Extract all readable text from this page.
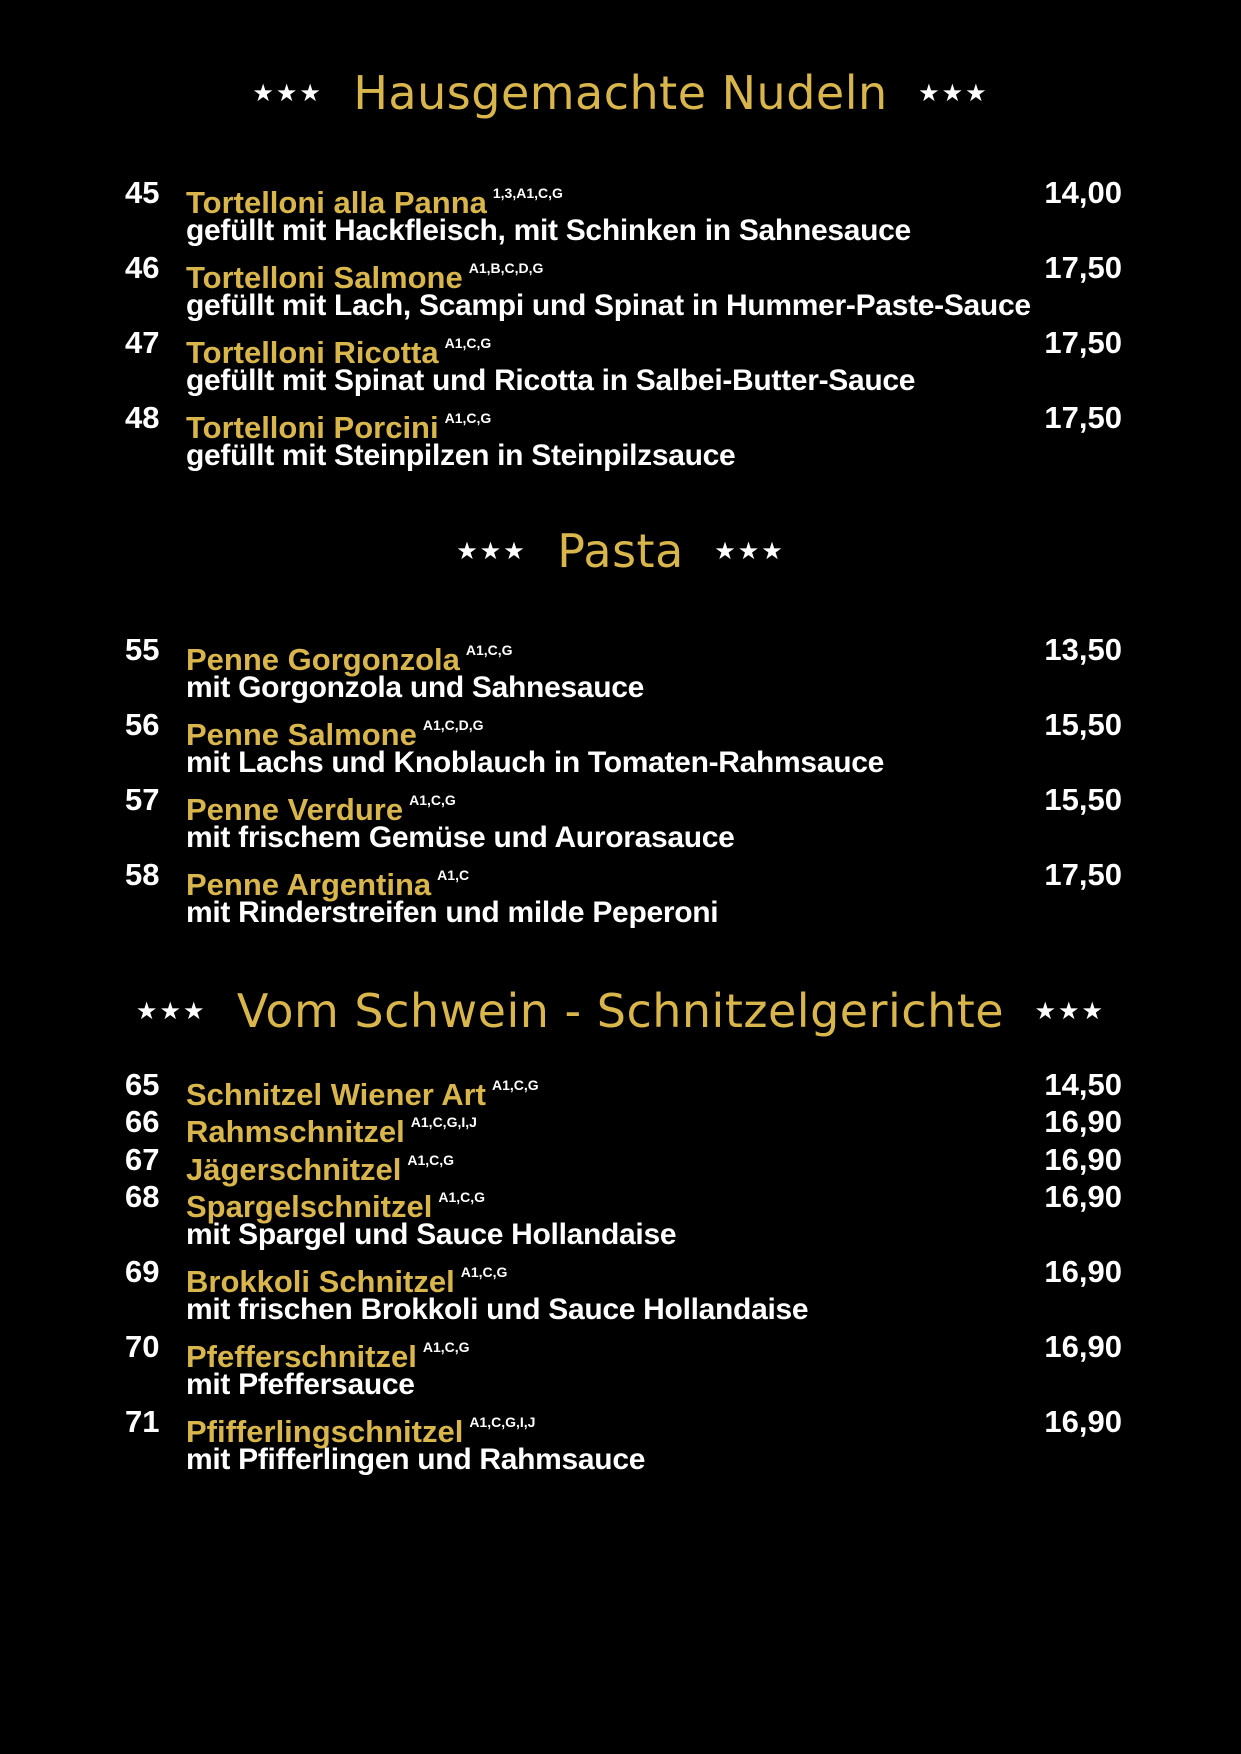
★★★ Hausgemachte Nudeln ★★★
45 Tortelloni alla Panna 1,3,A1,C,G	14,00
gefüllt mit Hackfleisch, mit Schinken in Sahnesauce
46 Tortelloni Salmone A1,B,C,D,G	17,50
gefüllt mit Lach, Scampi und Spinat in Hummer-Paste-Sauce
47 Tortelloni Ricotta A1,C,G	17,50
gefüllt mit Spinat und Ricotta in Salbei-Butter-Sauce
48 Tortelloni Porcini A1,C,G	17,50
gefüllt mit Steinpilzen in Steinpilzsauce
★★★ Pasta ★★★
55 Penne Gorgonzola A1,C,G	13,50
mit Gorgonzola und Sahnesauce
56 Penne Salmone A1,C,D,G	15,50
mit Lachs und Knoblauch in Tomaten-Rahmsauce
57 Penne Verdure A1,C,G	15,50
mit frischem Gemüse und Aurorasauce
58 Penne Argentina A1,C	17,50
mit Rinderstreifen und milde Peperoni
★★★ Vom Schwein - Schnitzelgerichte ★★★
65 Schnitzel Wiener Art A1,C,G	14,50
66 Rahmschnitzel A1,C,G,I,J	16,90
67 Jägerschnitzel A1,C,G	16,90
68 Spargelschnitzel A1,C,G	16,90
mit Spargel und Sauce Hollandaise
69 Brokkoli Schnitzel A1,C,G	16,90
mit frischen Brokkoli und Sauce Hollandaise
70 Pfefferschnitzel A1,C,G	16,90
mit Pfeffersauce
71 Pfifferlingschnitzel A1,C,G,I,J	16,90
mit Pfifferlingen und Rahmsauce
